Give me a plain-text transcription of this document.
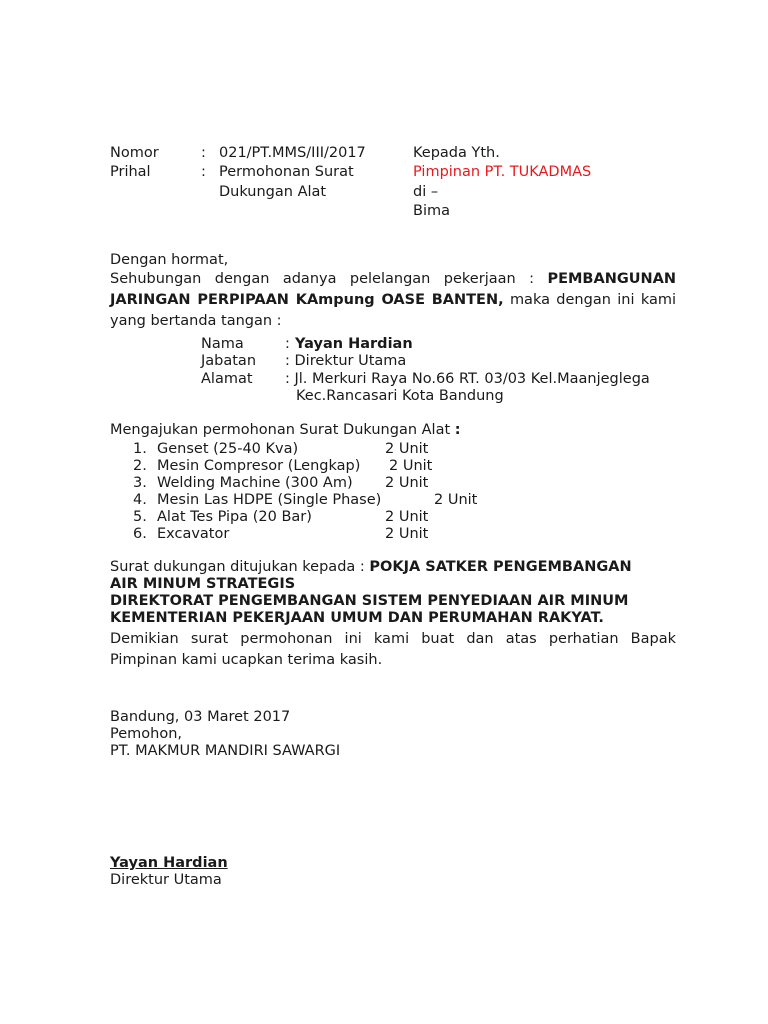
Nomor	: 021/PT.MMS/III/2017
Prihal	: Permohonan Surat
Dukungan Alat
Kepada Yth.
Pimpinan PT. TUKADMAS
di –
Bima
Dengan hormat,
Sehubungan dengan adanya pelelangan pekerjaan : PEMBANGUNAN JARINGAN PERPIPAAN KAmpung OASE BANTEN, maka dengan ini kami yang bertanda tangan :
Nama	: Yayan Hardian
Jabatan : Direktur Utama
Alamat : Jl. Merkuri Raya No.66 RT. 03/03 Kel.Maanjeglega
Kec.Rancasari Kota Bandung
Mengajukan permohonan Surat Dukungan Alat :
1. Genset (25-40 Kva)	2 Unit
2. Mesin Compresor (Lengkap) 2 Unit
3. Welding Machine (300 Am) 2 Unit
4. Mesin Las HDPE (Single Phase)	2 Unit
5. Alat Tes Pipa (20 Bar)	2 Unit
6. Excavator	2 Unit
Surat dukungan ditujukan kepada : POKJA SATKER PENGEMBANGAN
AIR MINUM STRATEGIS
DIREKTORAT PENGEMBANGAN SISTEM PENYEDIAAN AIR MINUM
KEMENTERIAN PEKERJAAN UMUM DAN PERUMAHAN RAKYAT.
Demikian surat permohonan ini kami buat dan atas perhatian Bapak Pimpinan kami ucapkan terima kasih.
Bandung, 03 Maret 2017
Pemohon,
PT. MAKMUR MANDIRI SAWARGI
Yayan Hardian
Direktur Utama
